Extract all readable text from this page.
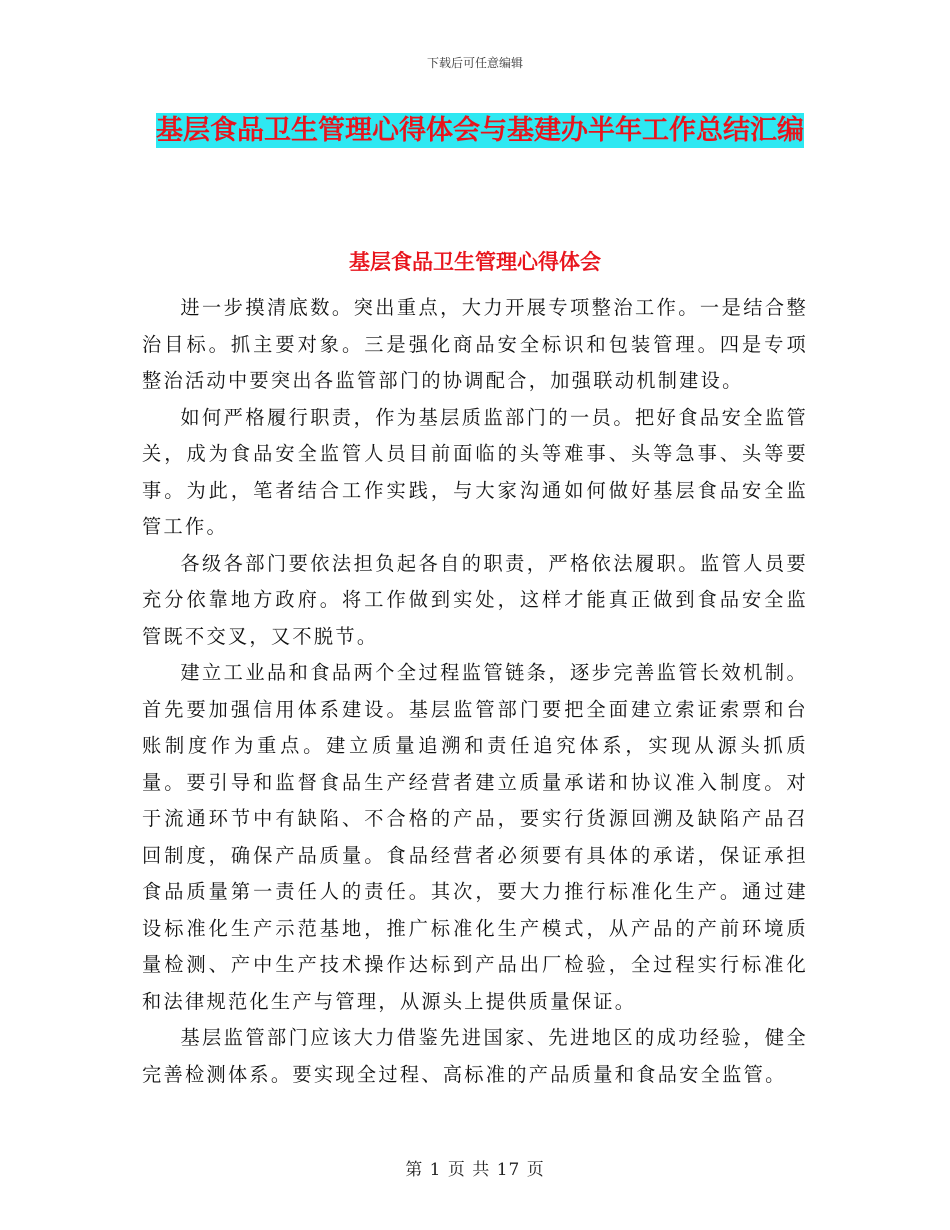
下载后可任意编辑
基层食品卫生管理心得体会与基建办半年工作总结汇编
基层食品卫生管理心得体会

进一步摸清底数。突出重点，大力开展专项整治工作。一是结合整治目标。抓主要对象。三是强化商品安全标识和包装管理。四是专项整治活动中要突出各监管部门的协调配合，加强联动机制建设。

如何严格履行职责，作为基层质监部门的一员。把好食品安全监管关，成为食品安全监管人员目前面临的头等难事、头等急事、头等要事。为此，笔者结合工作实践，与大家沟通如何做好基层食品安全监管工作。

各级各部门要依法担负起各自的职责，严格依法履职。监管人员要充分依靠地方政府。将工作做到实处，这样才能真正做到食品安全监管既不交叉，又不脱节。

建立工业品和食品两个全过程监管链条，逐步完善监管长效机制。首先要加强信用体系建设。基层监管部门要把全面建立索证索票和台账制度作为重点。建立质量追溯和责任追究体系，实现从源头抓质量。要引导和监督食品生产经营者建立质量承诺和协议准入制度。对于流通环节中有缺陷、不合格的产品，要实行货源回溯及缺陷产品召回制度，确保产品质量。食品经营者必须要有具体的承诺，保证承担食品质量第一责任人的责任。其次，要大力推行标准化生产。通过建设标准化生产示范基地，推广标准化生产模式，从产品的产前环境质量检测、产中生产技术操作达标到产品出厂检验，全过程实行标准化和法律规范化生产与管理，从源头上提供质量保证。

基层监管部门应该大力借鉴先进国家、先进地区的成功经验，健全完善检测体系。要实现全过程、高标准的产品质量和食品安全监管。

第 1 页 共 17 页
